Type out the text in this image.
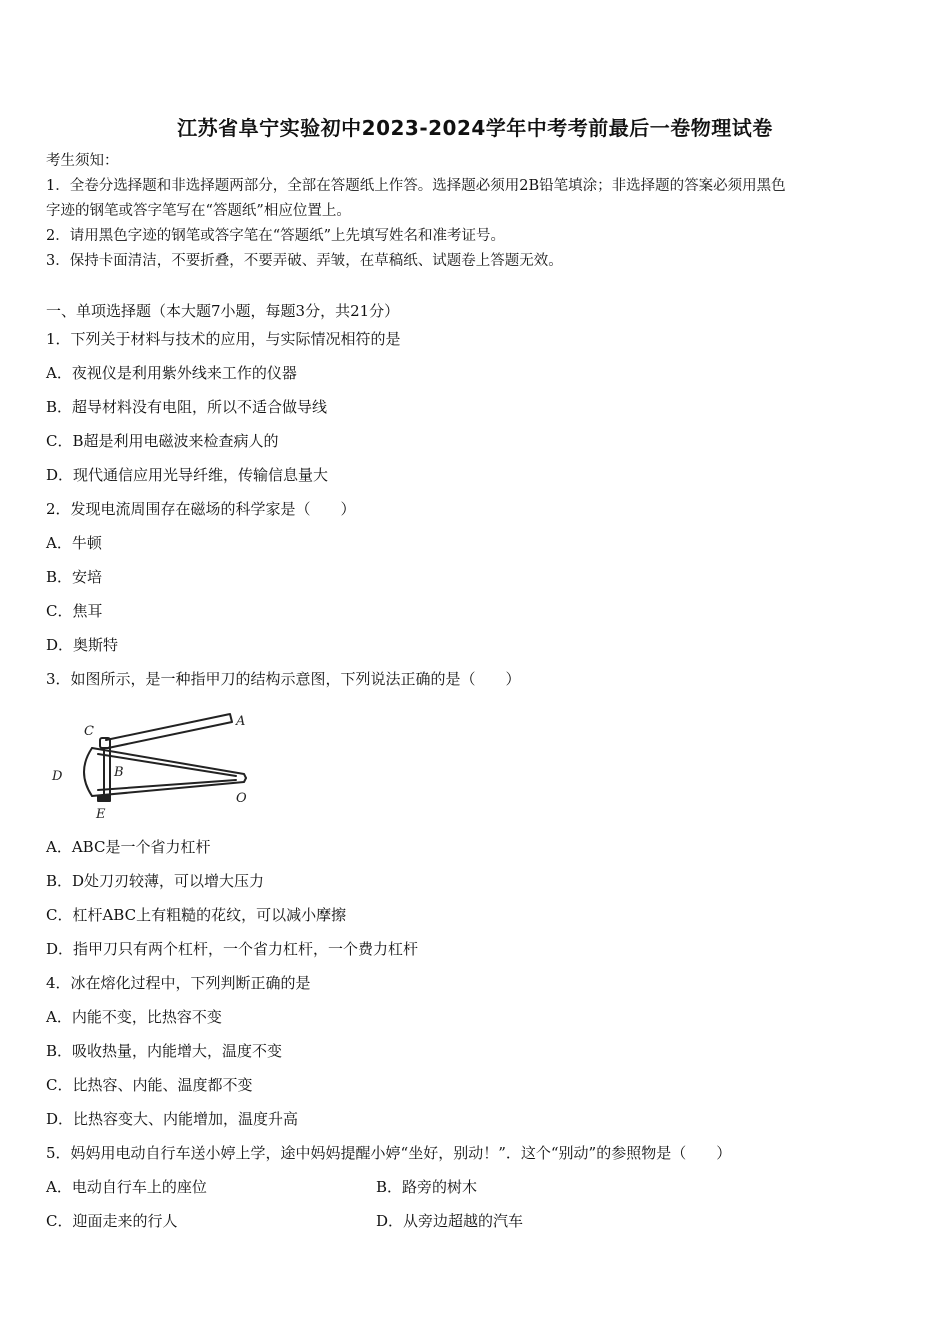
江苏省阜宁实验初中2023-2024学年中考考前最后一卷物理试卷
考生须知：
1．全卷分选择题和非选择题两部分，全部在答题纸上作答。选择题必须用2B铅笔填涂；非选择题的答案必须用黑色
字迹的钢笔或答字笔写在“答题纸”相应位置上。
2．请用黑色字迹的钢笔或答字笔在“答题纸”上先填写姓名和准考证号。
3．保持卡面清洁，不要折叠，不要弄破、弄皱，在草稿纸、试题卷上答题无效。
一、单项选择题（本大题7小题，每题3分，共21分）
1．下列关于材料与技术的应用，与实际情况相符的是
A．夜视仪是利用紫外线来工作的仪器
B．超导材料没有电阻，所以不适合做导线
C．B超是利用电磁波来检查病人的
D．现代通信应用光导纤维，传输信息量大
2．发现电流周围存在磁场的科学家是（　　）
A．牛顿
B．安培
C．焦耳
D．奥斯特
3．如图所示，是一种指甲刀的结构示意图，下列说法正确的是（　　）
C
A
B
D
O
E
A．ABC是一个省力杠杆
B．D处刀刃较薄，可以增大压力
C．杠杆ABC上有粗糙的花纹，可以减小摩擦
D．指甲刀只有两个杠杆，一个省力杠杆，一个费力杠杆
4．冰在熔化过程中，下列判断正确的是
A．内能不变，比热容不变
B．吸收热量，内能增大，温度不变
C．比热容、内能、温度都不变
D．比热容变大、内能增加，温度升高
5．妈妈用电动自行车送小婷上学，途中妈妈提醒小婷“坐好，别动！”．这个“别动”的参照物是（　　）
A．电动自行车上的座位	B．路旁的树木
C．迎面走来的行人	D．从旁边超越的汽车
